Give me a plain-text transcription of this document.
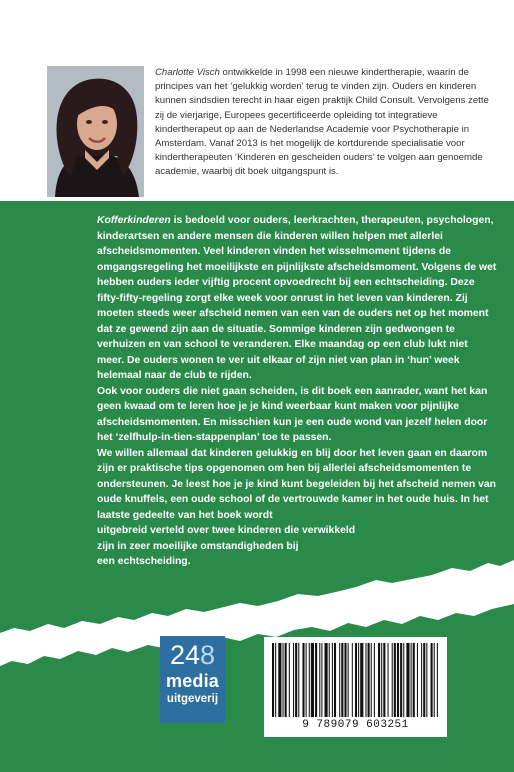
Charlotte Visch ontwikkelde in 1998 een nieuwe kindertherapie, waarin de principes van het ‘gelukkig worden’ terug te vinden zijn. Ouders en kinderen kunnen sindsdien terecht in haar eigen praktijk Child Consult. Vervolgens zette zij de vierjarige, Europees gecertificeerde opleiding tot integratieve kindertherapeut op aan de Nederlandse Academie voor Psychotherapie in Amsterdam. Vanaf 2013 is het mogelijk de kortdurende specialisatie voor kindertherapeuten ‘Kinderen en gescheiden ouders’ te volgen aan genoemde academie, waarbij dit boek uitgangspunt is.

Kofferkinderen is bedoeld voor ouders, leerkrachten, therapeuten, psychologen, kinderartsen en andere mensen die kinderen willen helpen met allerlei afscheidsmomenten. Veel kinderen vinden het wisselmoment tijdens de omgangsregeling het moeilijkste en pijnlijkste afscheidsmoment. Volgens de wet hebben ouders ieder vijftig procent opvoedrecht bij een echtscheiding. Deze fifty-fifty-regeling zorgt elke week voor onrust in het leven van kinderen. Zij moeten steeds weer afscheid nemen van een van de ouders net op het moment dat ze gewend zijn aan de situatie. Sommige kinderen zijn gedwongen te verhuizen en van school te veranderen. Elke maandag op een club lukt niet meer. De ouders wonen te ver uit elkaar of zijn niet van plan in ‘hun’ week helemaal naar de club te rijden.

Ook voor ouders die niet gaan scheiden, is dit boek een aanrader, want het kan geen kwaad om te leren hoe je je kind weerbaar kunt maken voor pijnlijke afscheidsmomenten. En misschien kun je een oude wond van jezelf helen door het ‘zelfhulp-in-tien-stappenplan’ toe te passen.

We willen allemaal dat kinderen gelukkig en blij door het leven gaan en daarom zijn er praktische tips opgenomen om hen bij allerlei afscheidsmomenten te ondersteunen. Je leest hoe je je kind kunt begeleiden bij het afscheid nemen van oude knuffels, een oude school of de vertrouwde kamer in het oude huis. In het laatste gedeelte van het boek wordt
uitgebreid verteld over twee kinderen die verwikkeld
zijn in zeer moeilijke omstandigheden bij
een echtscheiding.

248
media
uitgeverij
9 789079 603251
